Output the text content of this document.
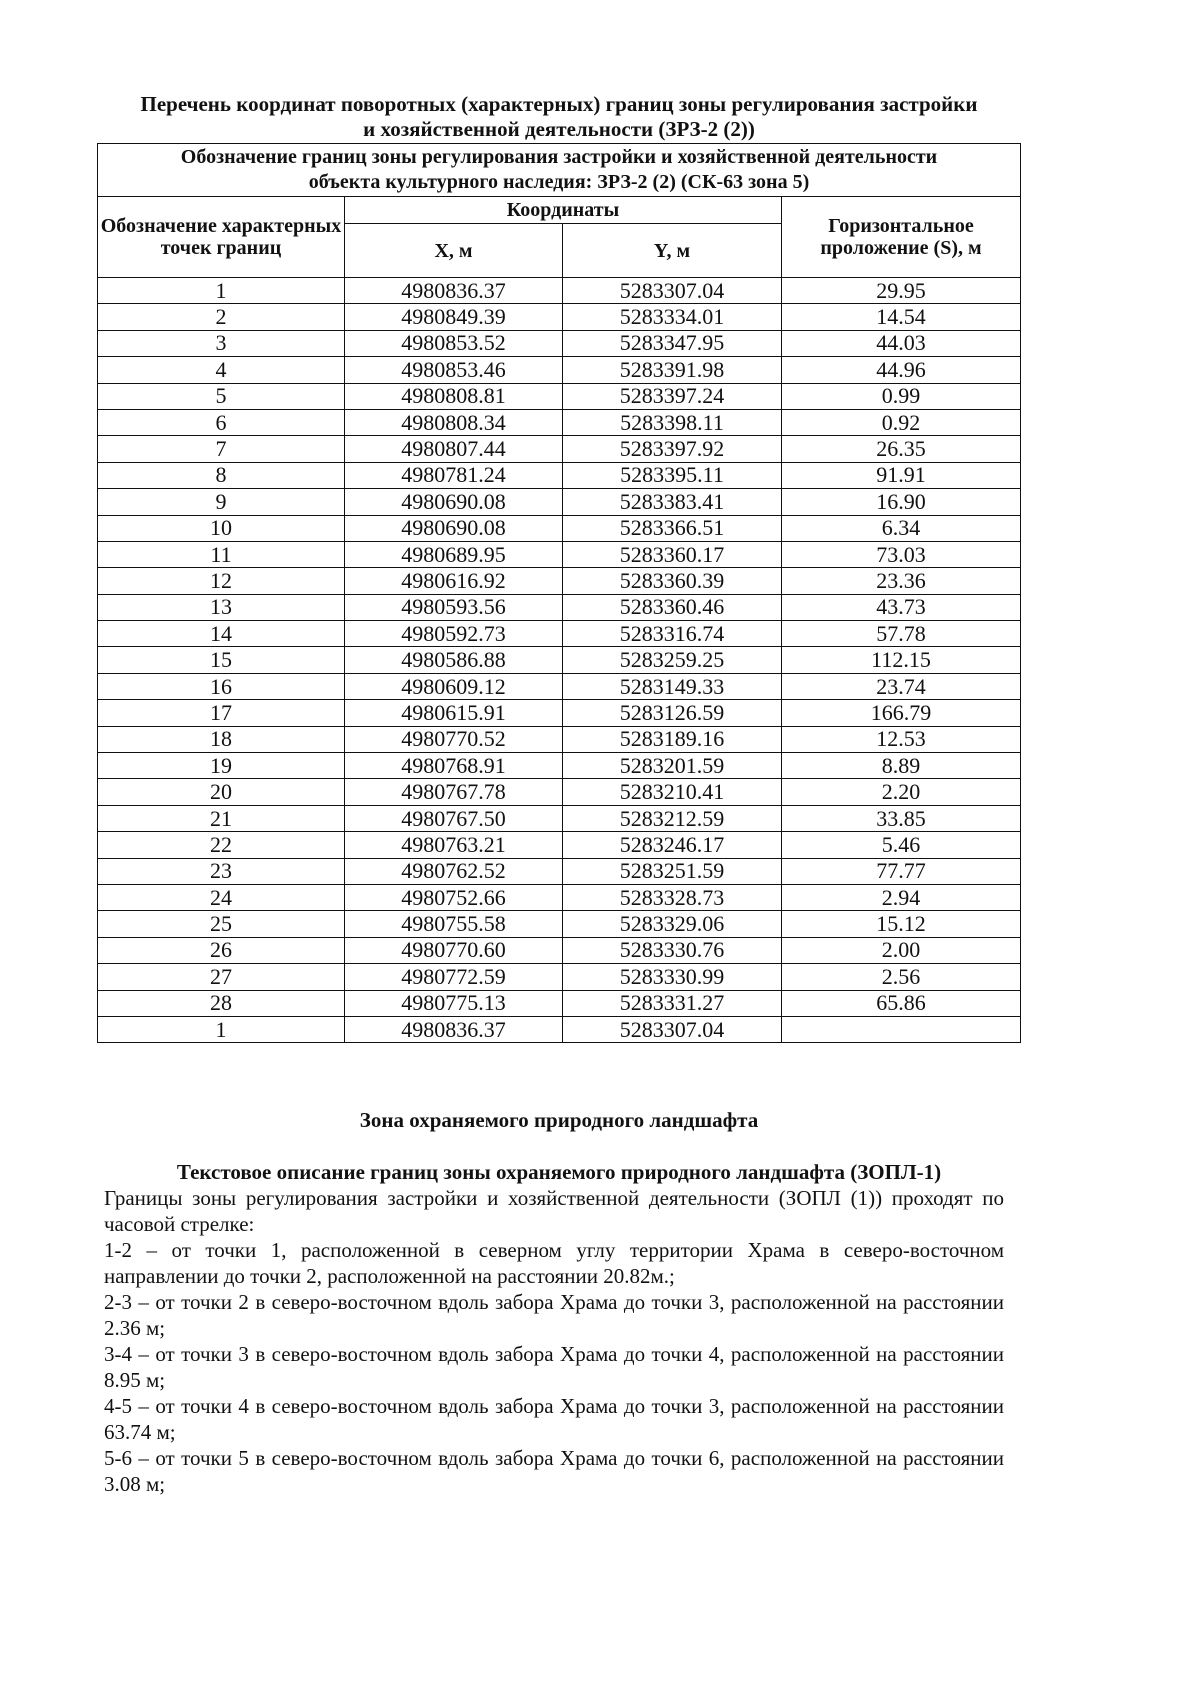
Перечень координат поворотных (характерных) границ зоны регулирования застройки
и хозяйственной деятельности (ЗРЗ-2 (2))
Обозначение границ зоны регулирования застройки и хозяйственной деятельности
объекта культурного наследия: ЗРЗ-2 (2) (СК-63 зона 5)			

Обозначение характерных точек границ	Координаты		Горизонтальное проложение (S), м
	X, м	Y, м	
1	4980836.37	5283307.04	29.95
2	4980849.39	5283334.01	14.54
3	4980853.52	5283347.95	44.03
4	4980853.46	5283391.98	44.96
5	4980808.81	5283397.24	0.99
6	4980808.34	5283398.11	0.92
7	4980807.44	5283397.92	26.35
8	4980781.24	5283395.11	91.91
9	4980690.08	5283383.41	16.90
10	4980690.08	5283366.51	6.34
11	4980689.95	5283360.17	73.03
12	4980616.92	5283360.39	23.36
13	4980593.56	5283360.46	43.73
14	4980592.73	5283316.74	57.78
15	4980586.88	5283259.25	112.15
16	4980609.12	5283149.33	23.74
17	4980615.91	5283126.59	166.79
18	4980770.52	5283189.16	12.53
19	4980768.91	5283201.59	8.89
20	4980767.78	5283210.41	2.20
21	4980767.50	5283212.59	33.85
22	4980763.21	5283246.17	5.46
23	4980762.52	5283251.59	77.77
24	4980752.66	5283328.73	2.94
25	4980755.58	5283329.06	15.12
26	4980770.60	5283330.76	2.00
27	4980772.59	5283330.99	2.56
28	4980775.13	5283331.27	65.86
1	4980836.37	5283307.04	
Зона охраняемого природного ландшафта
Текстовое описание границ зоны охраняемого природного ландшафта (ЗОПЛ-1)

Границы зоны регулирования застройки и хозяйственной деятельности (ЗОПЛ (1)) проходят по часовой стрелке:

1-2 – от точки 1, расположенной в северном углу территории Храма в северо-восточном направлении до точки 2, расположенной на расстоянии 20.82м.;

2-3 – от точки 2 в северо-восточном вдоль забора Храма до точки 3, расположенной на расстоянии 2.36 м;

3-4 – от точки 3 в северо-восточном вдоль забора Храма до точки 4, расположенной на расстоянии 8.95 м;

4-5 – от точки 4 в северо-восточном вдоль забора Храма до точки 3, расположенной на расстоянии 63.74 м;

5-6 – от точки 5 в северо-восточном вдоль забора Храма до точки 6, расположенной на расстоянии 3.08 м;
